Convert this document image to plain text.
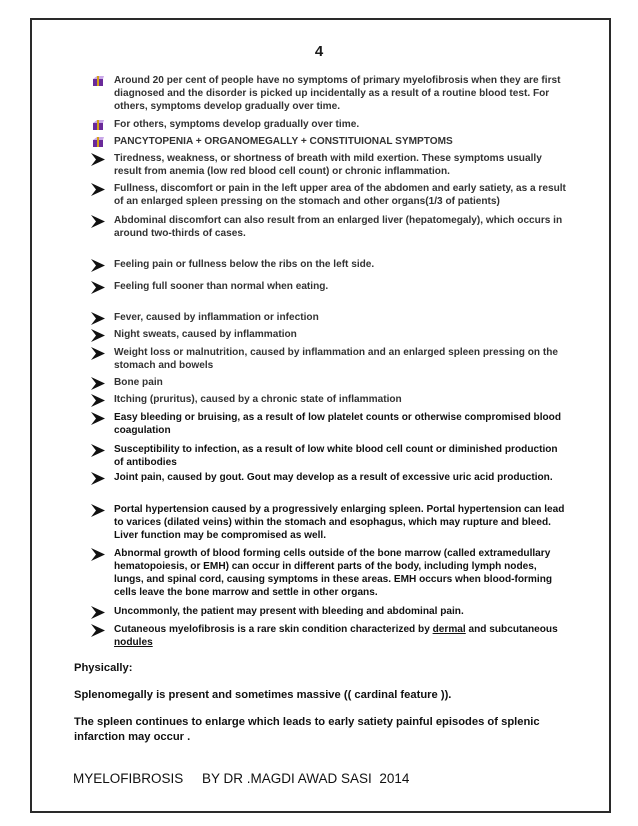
4
Around 20 per cent of people have no symptoms of primary myelofibrosis when they are first diagnosed and the disorder is picked up incidentally as a result of a routine blood test. For others, symptoms develop gradually over time.
For others, symptoms develop gradually over time.
PANCYTOPENIA + ORGANOMEGALLY + CONSTITUIONAL SYMPTOMS
Tiredness, weakness, or shortness of breath with mild exertion. These symptoms usually result from anemia (low red blood cell count) or chronic inflammation.
Fullness, discomfort or pain in the left upper area of the abdomen and early satiety, as a result of an enlarged spleen pressing on the stomach and other organs(1/3 of patients)
Abdominal discomfort can also result from an enlarged liver (hepatomegaly), which occurs in around two-thirds of cases.
Feeling pain or fullness below the ribs on the left side.
Feeling full sooner than normal when eating.
Fever, caused by inflammation or infection
Night sweats, caused by inflammation
Weight loss or malnutrition, caused by inflammation and an enlarged spleen pressing on the stomach and bowels
Bone pain
Itching (pruritus), caused by a chronic state of inflammation
Easy bleeding or bruising, as a result of low platelet counts or otherwise compromised blood coagulation
Susceptibility to infection, as a result of low white blood cell count or diminished production of antibodies
Joint pain, caused by gout. Gout may develop as a result of excessive uric acid production.
Portal hypertension caused by a progressively enlarging spleen. Portal hypertension can lead to varices (dilated veins) within the stomach and esophagus, which may rupture and bleed. Liver function may be compromised as well.
Abnormal growth of blood forming cells outside of the bone marrow (called extramedullary hematopoiesis, or EMH) can occur in different parts of the body, including lymph nodes, lungs, and spinal cord, causing symptoms in these areas. EMH occurs when blood-forming cells leave the bone marrow and settle in other organs.
Uncommonly, the patient may present with bleeding and abdominal pain.
Cutaneous myelofibrosis is a rare skin condition characterized by dermal and subcutaneous nodules
Physically:
Splenomegally is present and sometimes massive (( cardinal feature )).
The spleen continues to enlarge which leads to early satiety painful episodes of splenic infarction may occur .
MYELOFIBROSIS     BY DR .MAGDI AWAD SASI  2014
